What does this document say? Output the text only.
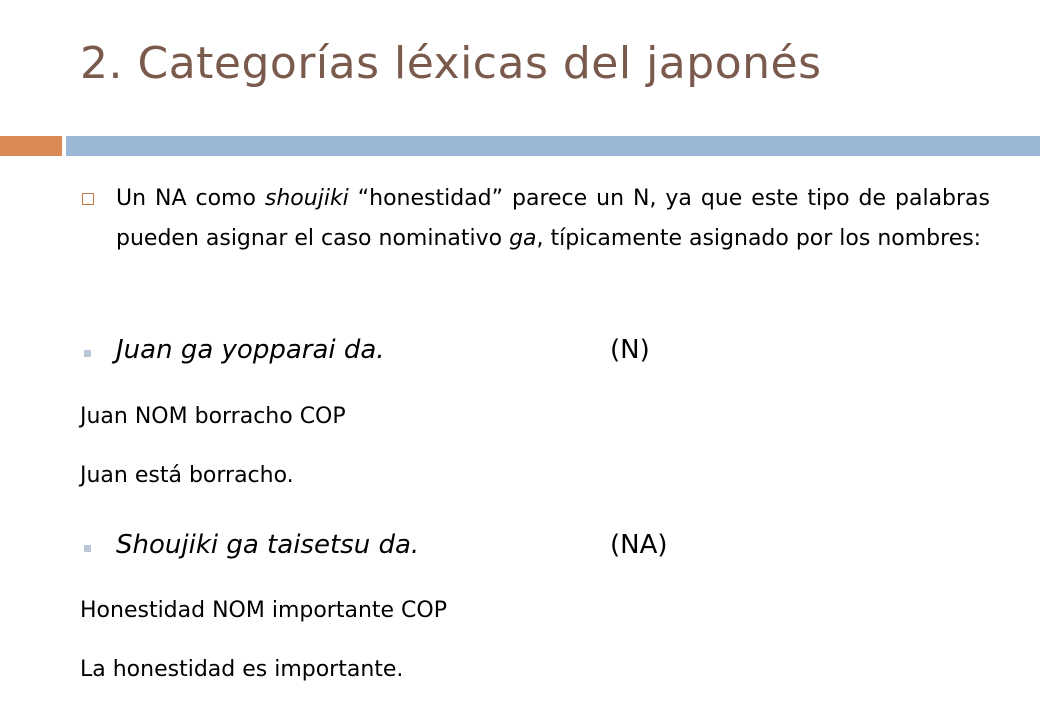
2. Categorías léxicas del japonés
Un NA como shoujiki “honestidad” parece un N, ya que este tipo de palabras pueden asignar el caso nominativo ga, típicamente asignado por los nombres:
Juan ga yopparai da.	(N)
Juan NOM borracho COP
Juan está borracho.
Shoujiki ga taisetsu da.	(NA)
Honestidad NOM importante COP
La honestidad es importante.
